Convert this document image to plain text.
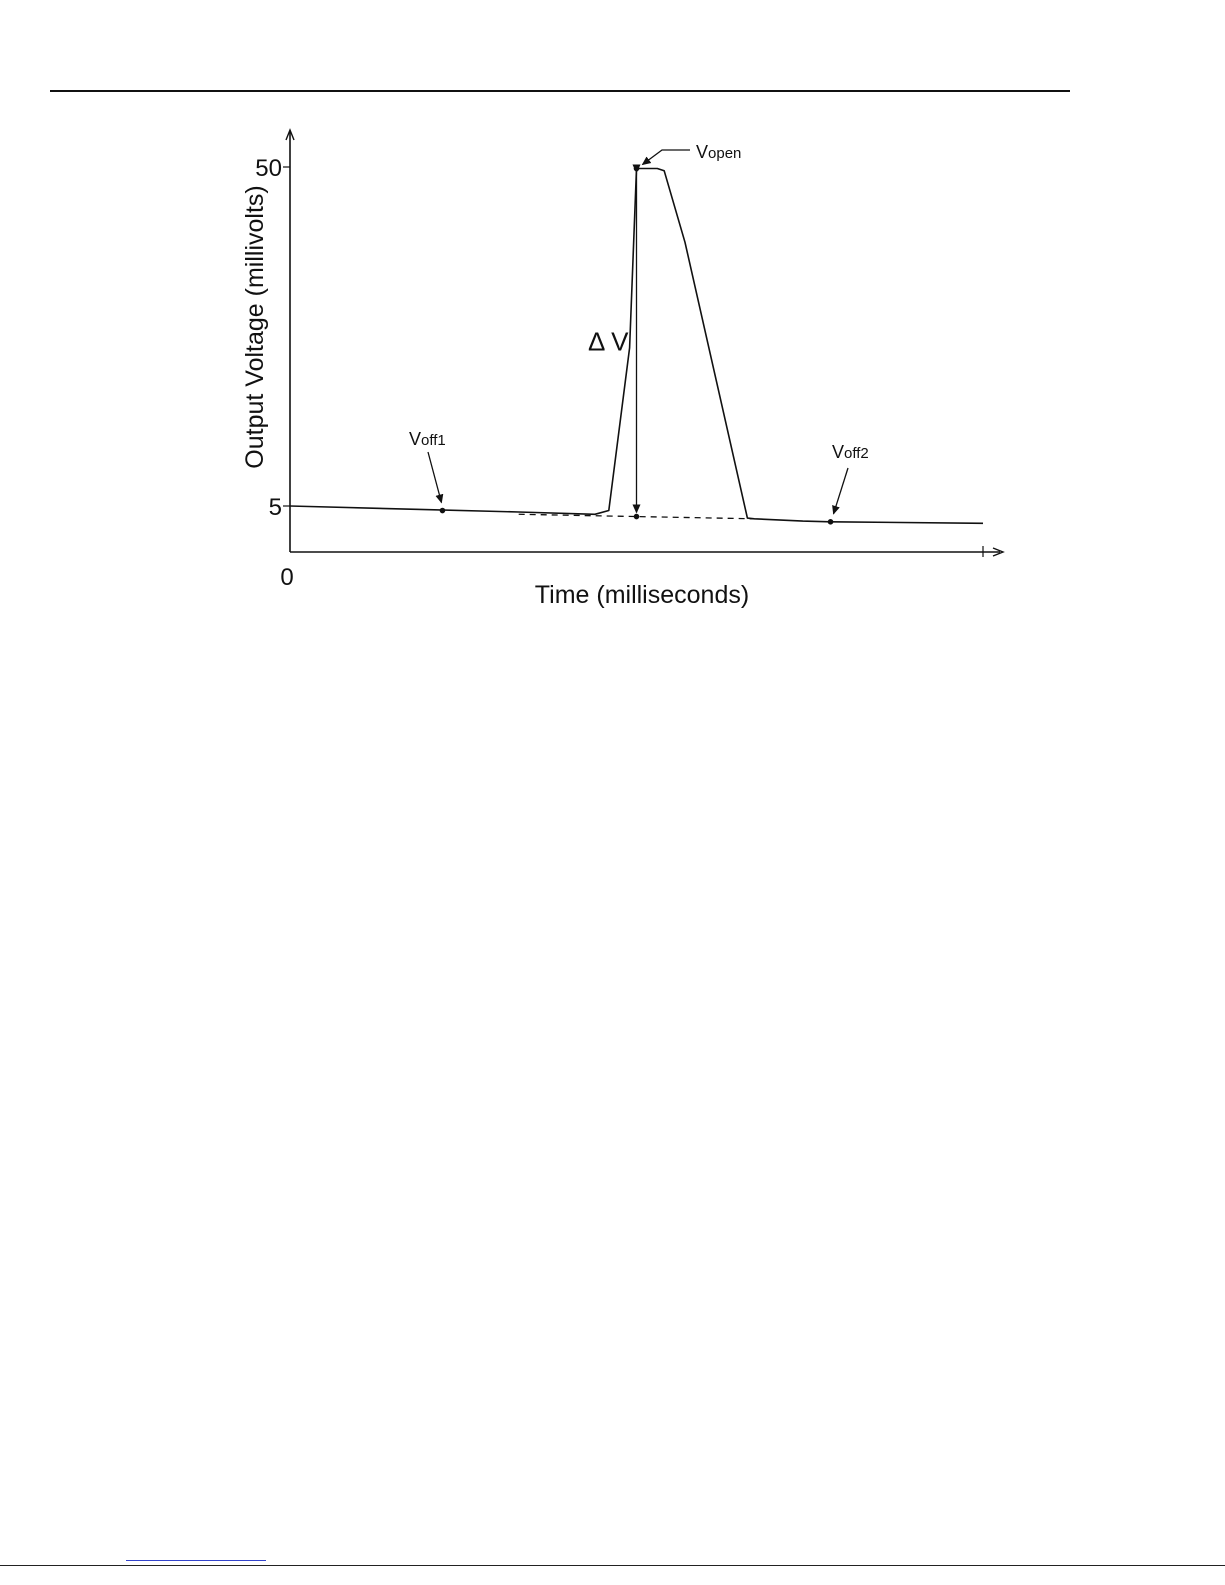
50
5
0
Time (milliseconds)
Output Voltage (millivolts)	Voff1
Voff2
Vopen
Δ V
